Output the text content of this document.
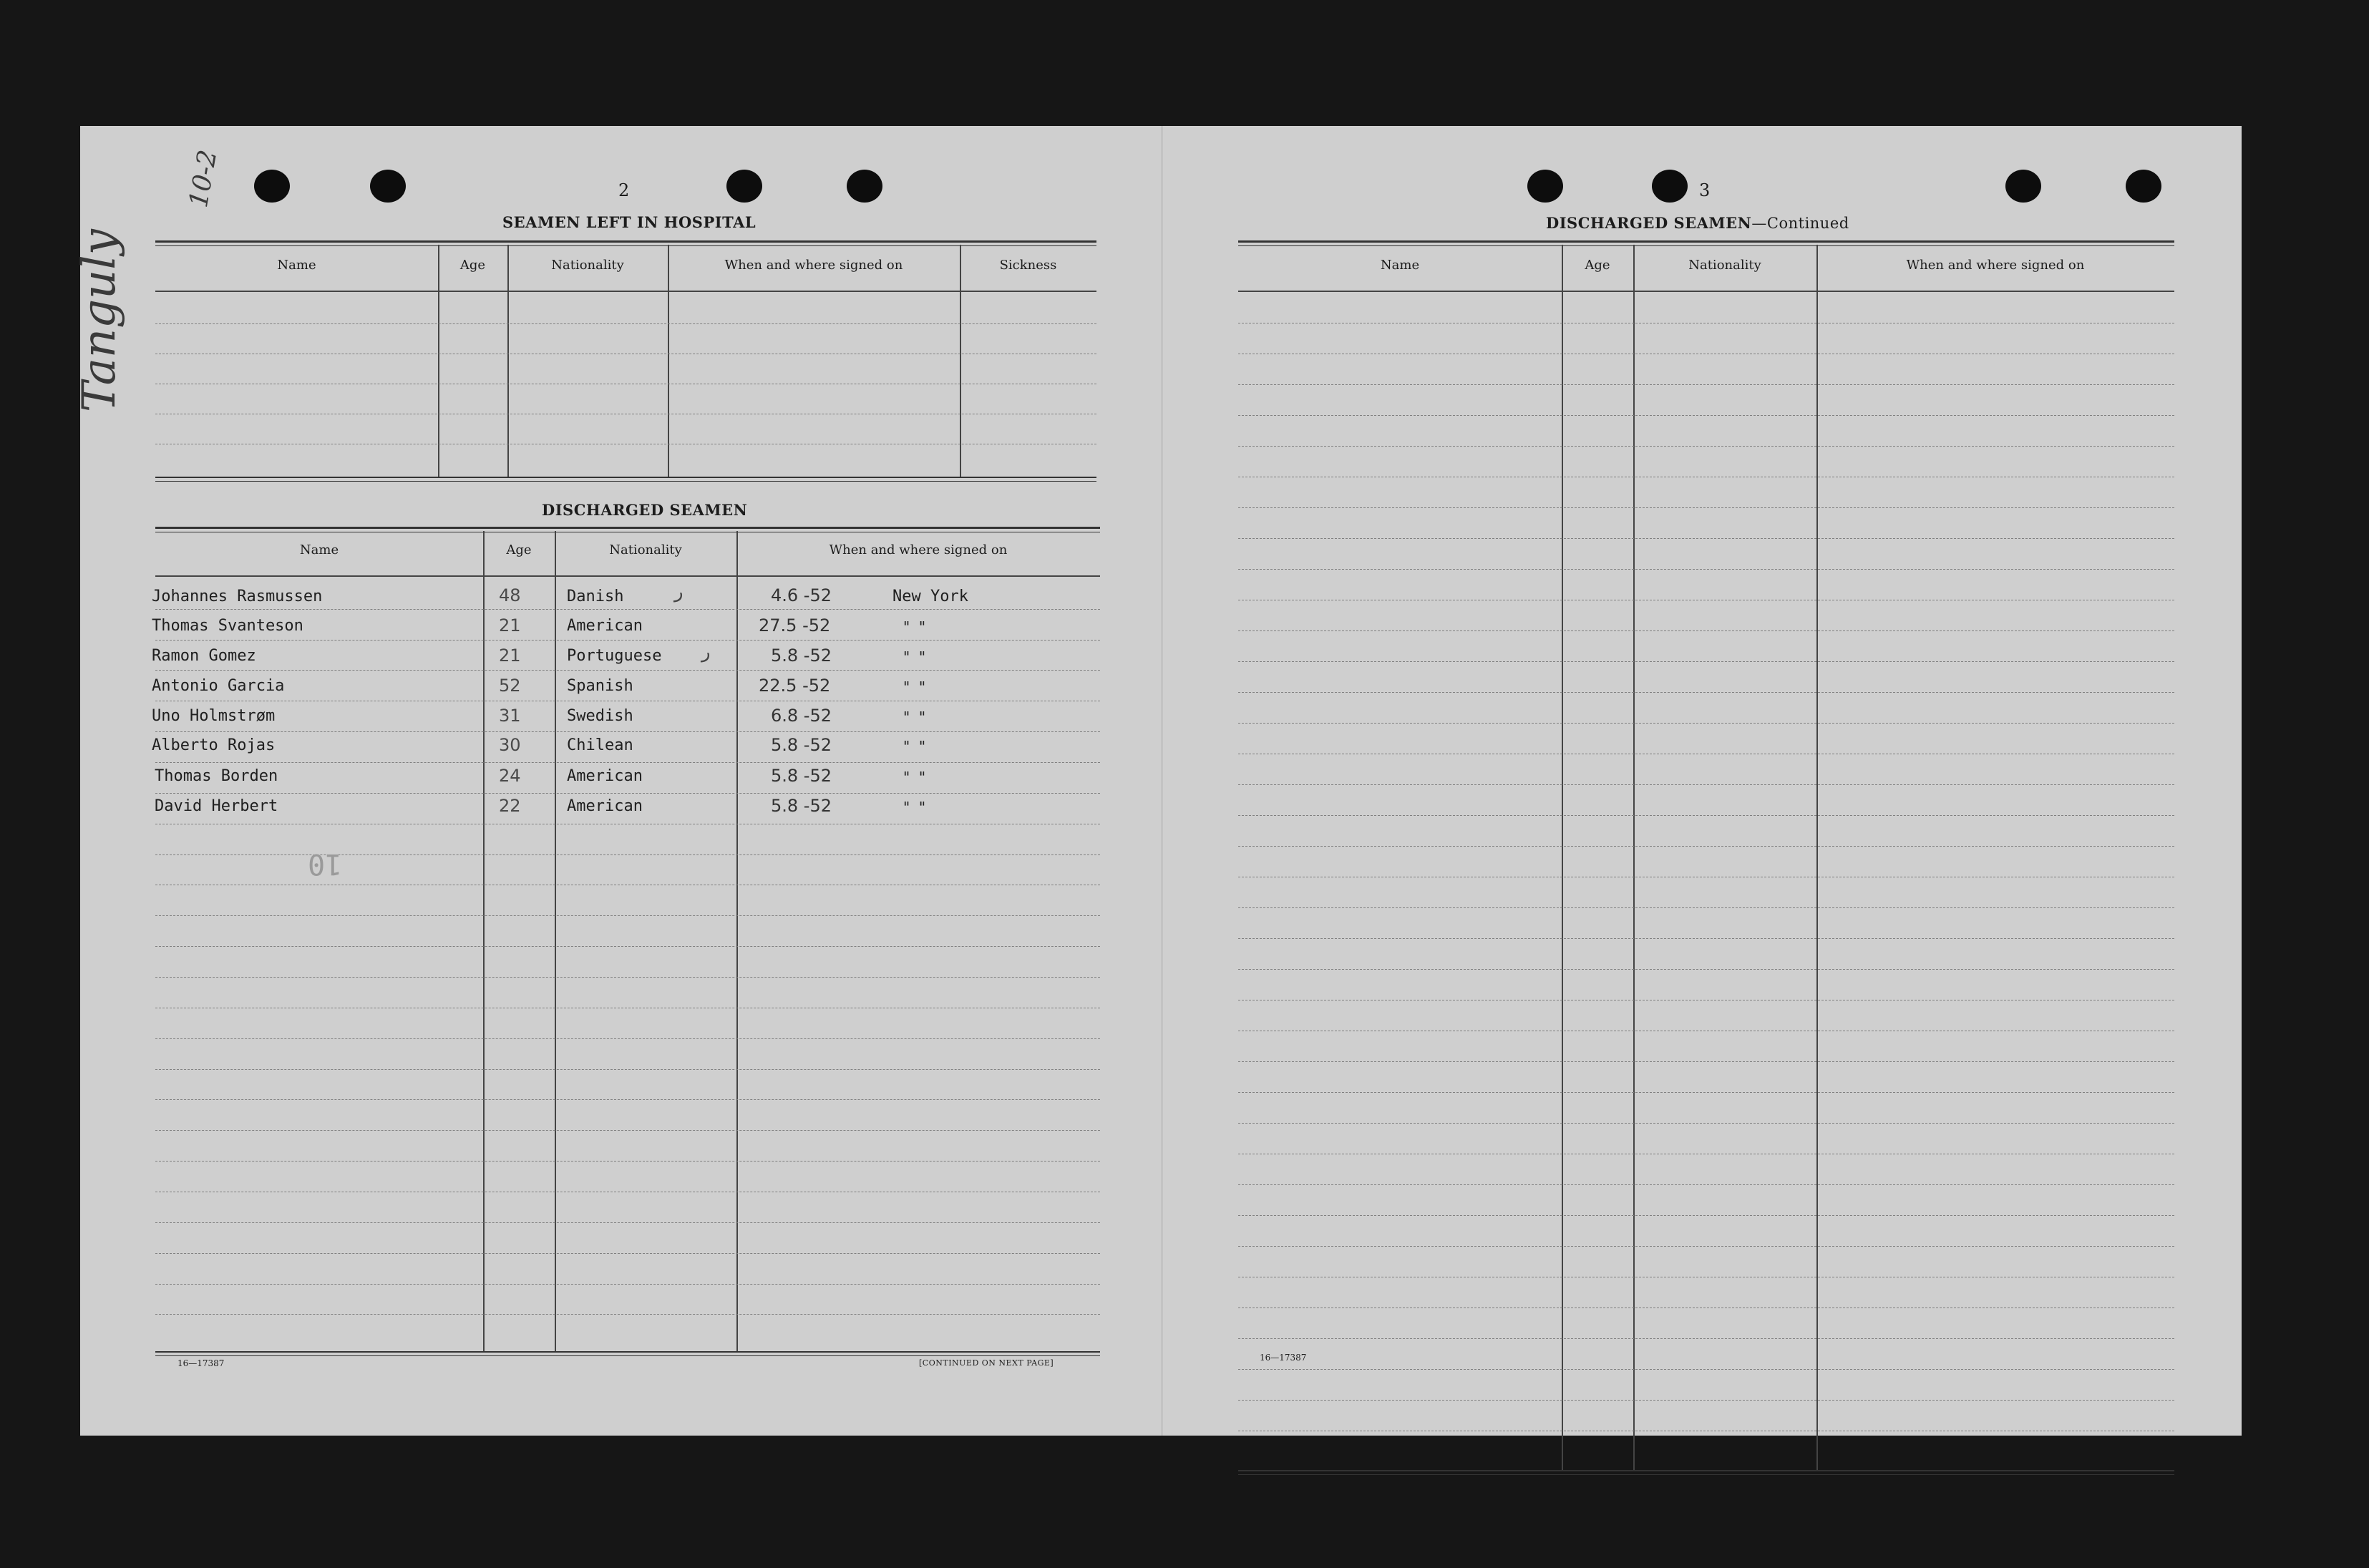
Tanguly
10-2	2
SEAMEN LEFT IN HOSPITAL
Name	Age	Nationality	When and where signed on	Sickness
DISCHARGED SEAMEN
Name	Age	Nationality	When and where signed on
Johannes Rasmussen	48	Danish	4.6 -52	New York
Thomas Svanteson	21	American	27.5 -52	"  "
Ramon Gomez	21	Portuguese	5.8 -52	"  "
Antonio Garcia	52	Spanish	22.5 -52	"  "
Uno Holmstrøm	31	Swedish	6.8 -52	"  "
Alberto Rojas	30	Chilean	5.8 -52	"  "
Thomas Borden	24	American	5.8 -52	"  "
David Herbert	22	American	5.8 -52	"  "
ر
ر
10
16—17387	[CONTINUED ON NEXT PAGE]
3
DISCHARGED SEAMEN—Continued
Name	Age	Nationality	When and where signed on
16—17387
